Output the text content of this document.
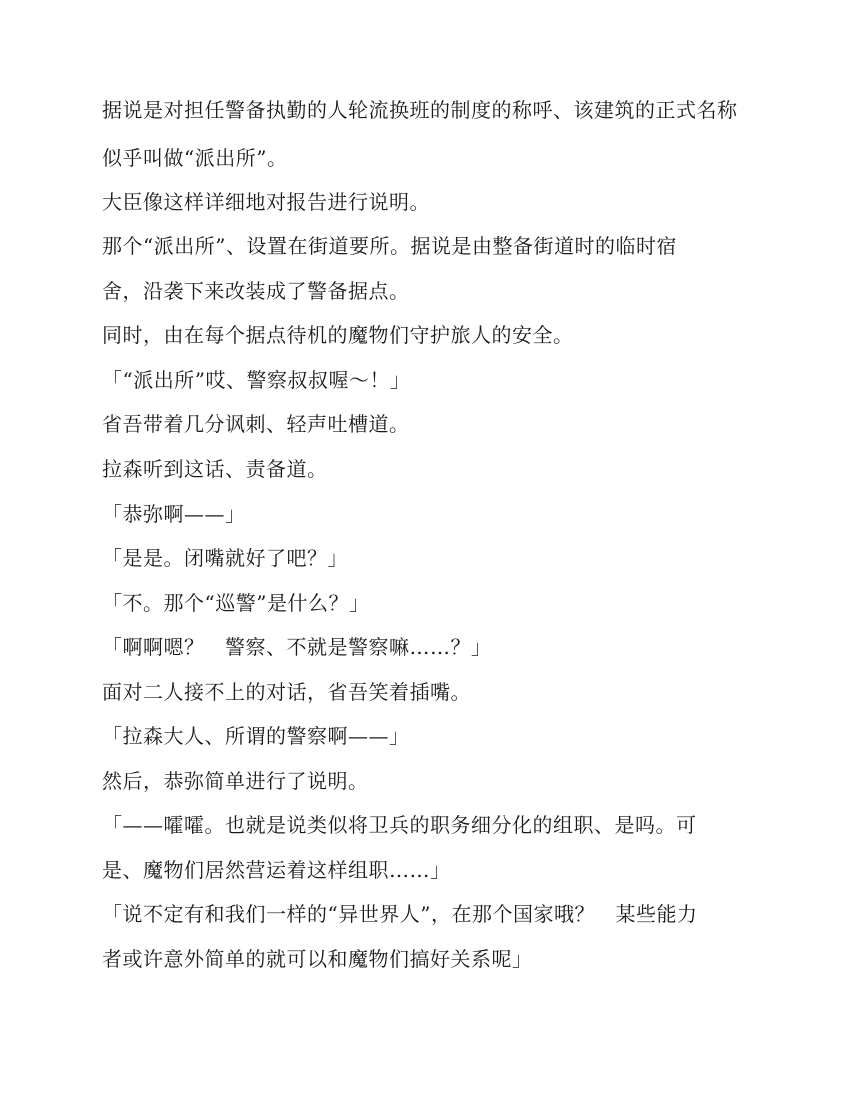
据说是对担任警备执勤的人轮流换班的制度的称呼、该建筑的正式名称
似乎叫做“派出所”。
大臣像这样详细地对报告进行说明。
那个“派出所”、设置在街道要所。据说是由整备街道时的临时宿
舍，沿袭下来改装成了警备据点。
同时，由在每个据点待机的魔物们守护旅人的安全。
「“派出所”哎、警察叔叔喔～！」
省吾带着几分讽刺、轻声吐槽道。
拉森听到这话、责备道。
「恭弥啊——」
「是是。闭嘴就好了吧？」
「不。那个“巡警”是什么？」
「啊啊嗯？　警察、不就是警察嘛……？」
面对二人接不上的对话，省吾笑着插嘴。
「拉森大人、所谓的警察啊——」
然后，恭弥简单进行了说明。
「——嚯嚯。也就是说类似将卫兵的职务细分化的组职、是吗。可
是、魔物们居然营运着这样组职……」
「说不定有和我们一样的“异世界人”，在那个国家哦？　某些能力
者或许意外简单的就可以和魔物们搞好关系呢」
